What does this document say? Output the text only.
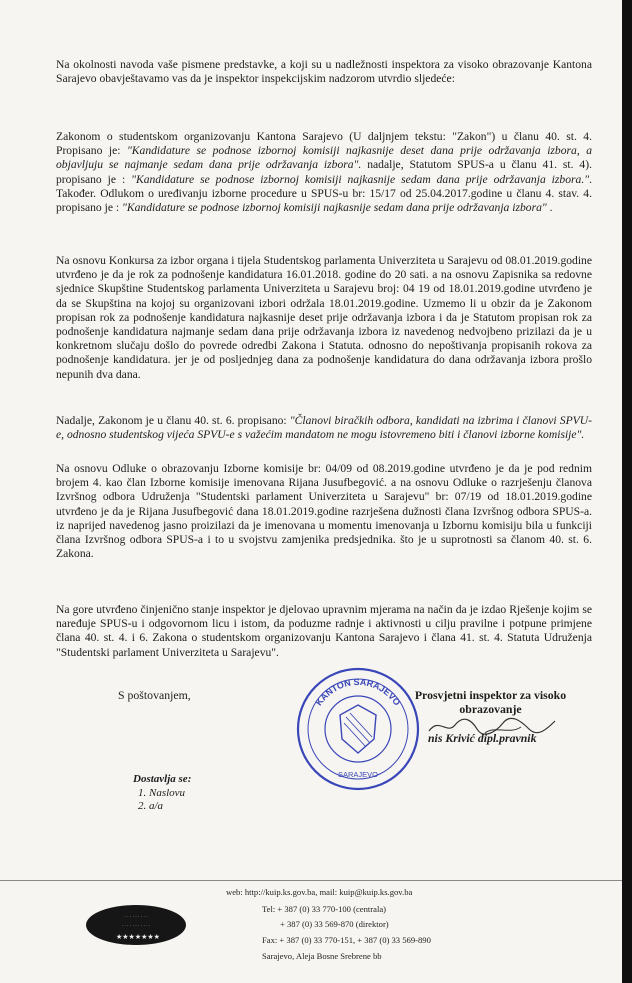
Na okolnosti navoda vaše pismene predstavke, a koji su u nadležnosti inspektora za visoko obrazovanje Kantona Sarajevo obavještavamo vas da je inspektor inspekcijskim nadzorom utvrdio sljedeće:

Zakonom o studentskom organizovanju Kantona Sarajevo (U daljnjem tekstu: "Zakon") u članu 40. st. 4. Propisano je: "Kandidature se podnose izbornoj komisiji najkasnije deset dana prije održavanja izbora, a objavljuju se najmanje sedam dana prije održavanja izbora". nadalje, Statutom SPUS-a u članu 41. st. 4). propisano je : "Kandidature se podnose izbornoj komisiji najkasnije sedam dana prije održavanja izbora.". Također. Odlukom o uređivanju izborne procedure u SPUS-u br: 15/17 od 25.04.2017.godine u članu 4. stav. 4. propisano je : "Kandidature se podnose izbornoj komisiji najkasnije sedam dana prije održavanja izbora" .

Na osnovu Konkursa za izbor organa i tijela Studentskog parlamenta Univerziteta u Sarajevu od 08.01.2019.godine utvrđeno je da je rok za podnošenje kandidatura 16.01.2018. godine do 20 sati. a na osnovu Zapisnika sa redovne sjednice Skupštine Studentskog parlamenta Univerziteta u Sarajevu broj: 04 19 od 18.01.2019.godine utvrđeno je da se Skupština na kojoj su organizovani izbori održala 18.01.2019.godine. Uzmemo li u obzir da je Zakonom propisan rok za podnošenje kandidatura najkasnije deset prije održavanja izbora i da je Statutom propisan rok za podnošenje kandidatura najmanje sedam dana prije održavanja izbora iz navedenog nedvojbeno prizilazi da je u konkretnom slučaju došlo do povrede odredbi Zakona i Statuta. odnosno do nepoštivanja propisanih rokova za podnošenje kandidatura. jer je od posljednjeg dana za podnošenje kandidatura do dana održavanja izbora prošlo nepunih dva dana.

Nadalje, Zakonom je u članu 40. st. 6. propisano: "Članovi biračkih odbora, kandidati na izbrima i članovi SPVU-e, odnosno studentskog vijeća SPVU-e s važećim mandatom ne mogu istovremeno biti i članovi izborne komisije".

Na osnovu Odluke o obrazovanju Izborne komisije br: 04/09 od 08.2019.godine utvrđeno je da je pod rednim brojem 4. kao član Izborne komisije imenovana Rijana Jusufbegović. a na osnovu Odluke o razrješenju članova Izvršnog odbora Udruženja "Studentski parlament Univerziteta u Sarajevu" br: 07/19 od 18.01.2019.godine utvrđeno je da je Rijana Jusufbegović dana 18.01.2019.godine razrješena dužnosti člana Izvršnog odbora SPUS-a. iz naprijed navedenog jasno proizilazi da je imenovana u momentu imenovanja u Izbornu komisiju bila u funkciji člana Izvršnog odbora SPUS-a i to u svojstvu zamjenika predsjednika. što je u suprotnosti sa članom 40. st. 6. Zakona.

Na gore utvrđeno činjenično stanje inspektor je djelovao upravnim mjerama na način da je izdao Rješenje kojim se naređuje SPUS-u i odgovornom licu i istom, da poduzme radnje i aktivnosti u cilju pravilne i potpune primjene člana 40. st. 4. i 6. Zakona o studentskom organizovanju Kantona Sarajevo i člana 41. st. 4. Statuta Udruženja "Studentski parlament Univerziteta u Sarajevu".

S poštovanjem,	Prosvjetni inspektor za visoko
obrazovanje
nis Krivić dipl.pravnik
KANTON SARAJEVO
SARAJEVO
Dostavlja se:
1. Naslovu
2. a/a
· · · · · · · · ·
· · · · · · · · · · ·
★★★★★★★
web: http://kuip.ks.gov.ba, mail: kuip@kuip.ks.gov.ba
Tel: + 387 (0) 33 770-100 (centrala)
+ 387 (0) 33 569-870 (direktor)
Fax: + 387 (0) 33 770-151, + 387 (0) 33 569-890
Sarajevo, Aleja Bosne Srebrene bb
